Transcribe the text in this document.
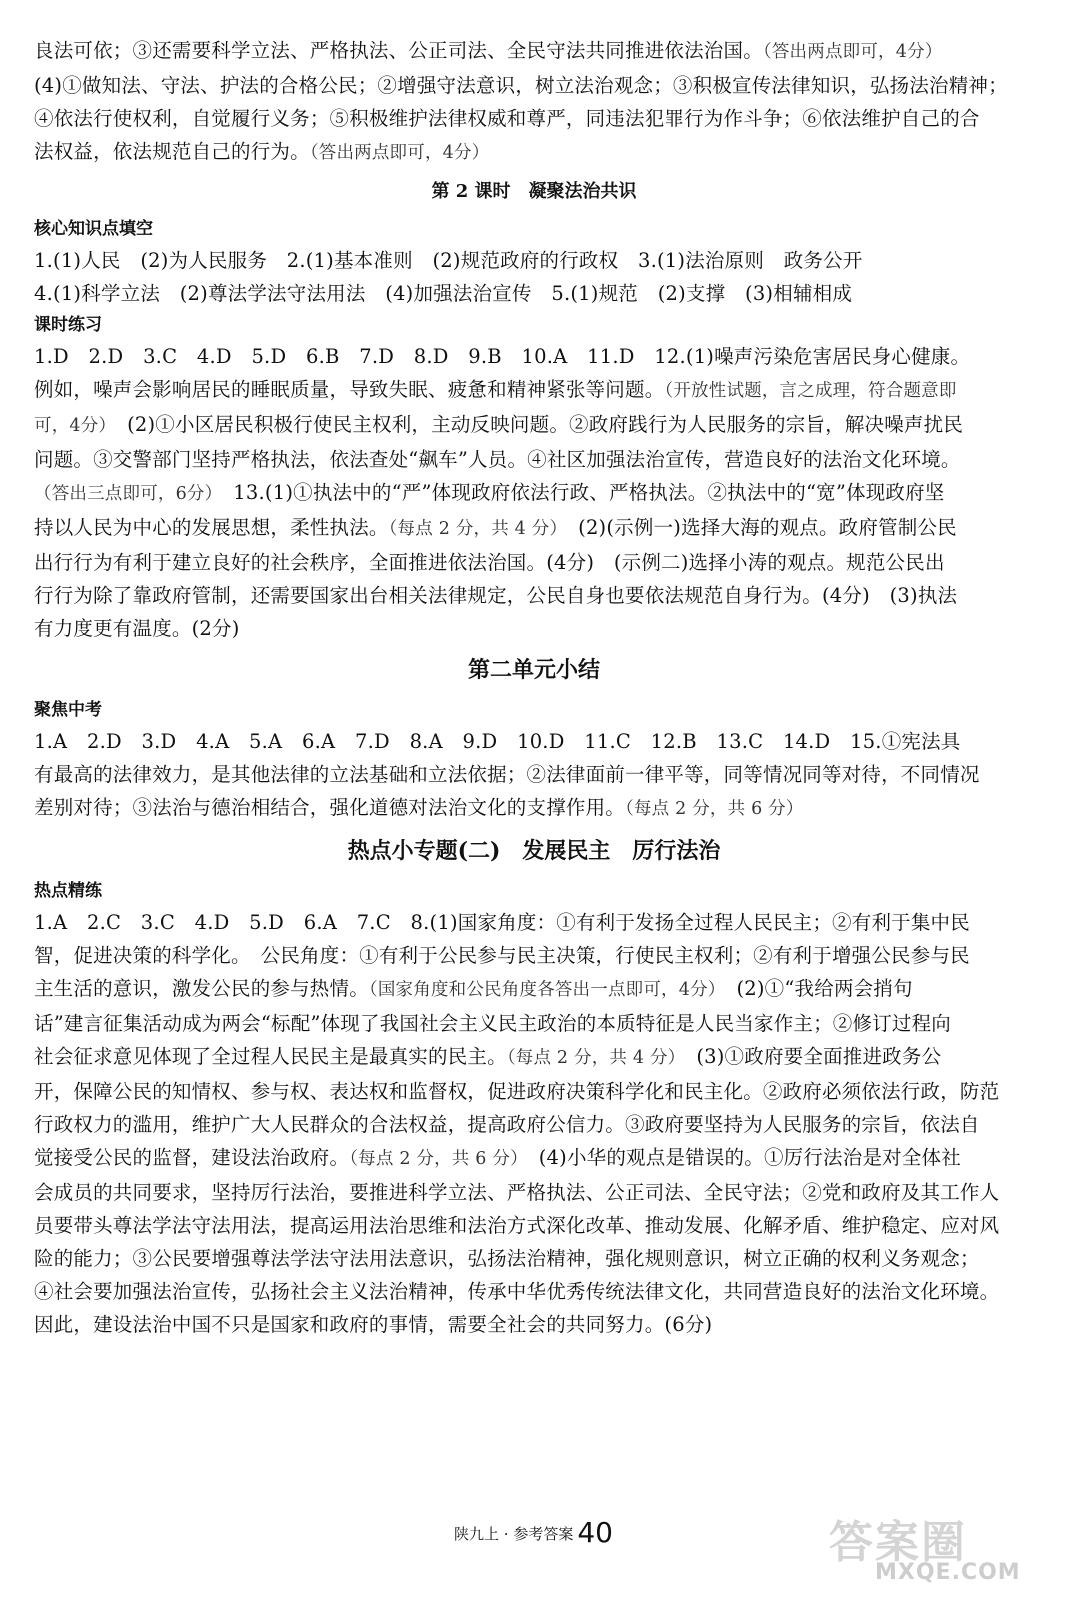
良法可依；③还需要科学立法、严格执法、公正司法、全民守法共同推进依法治国。（答出两点即可，4分）

(4)①做知法、守法、护法的合格公民；②增强守法意识，树立法治观念；③积极宣传法律知识，弘扬法治精神；

④依法行使权利，自觉履行义务；⑤积极维护法律权威和尊严，同违法犯罪行为作斗争；⑥依法维护自己的合

法权益，依法规范自己的行为。（答出两点即可，4分）

第 2 课时　凝聚法治共识

核心知识点填空

1.(1)人民　(2)为人民服务　2.(1)基本准则　(2)规范政府的行政权　3.(1)法治原则　政务公开

4.(1)科学立法　(2)尊法学法守法用法　(4)加强法治宣传　5.(1)规范　(2)支撑　(3)相辅相成

课时练习

1.D　2.D　3.C　4.D　5.D　6.B　7.D　8.D　9.B　10.A　11.D　12.(1)噪声污染危害居民身心健康。

例如，噪声会影响居民的睡眠质量，导致失眠、疲惫和精神紧张等问题。（开放性试题，言之成理，符合题意即

可，4分）　(2)①小区居民积极行使民主权利，主动反映问题。②政府践行为人民服务的宗旨，解决噪声扰民

问题。③交警部门坚持严格执法，依法查处“飙车”人员。④社区加强法治宣传，营造良好的法治文化环境。

（答出三点即可，6分）　13.(1)①执法中的“严”体现政府依法行政、严格执法。②执法中的“宽”体现政府坚

持以人民为中心的发展思想，柔性执法。（每点 2 分，共 4 分）　(2)(示例一)选择大海的观点。政府管制公民

出行行为有利于建立良好的社会秩序，全面推进依法治国。(4分)　(示例二)选择小涛的观点。规范公民出

行行为除了靠政府管制，还需要国家出台相关法律规定，公民自身也要依法规范自身行为。(4分)　(3)执法

有力度更有温度。(2分)

第二单元小结

聚焦中考

1.A　2.D　3.D　4.A　5.A　6.A　7.D　8.A　9.D　10.D　11.C　12.B　13.C　14.D　15.①宪法具

有最高的法律效力，是其他法律的立法基础和立法依据；②法律面前一律平等，同等情况同等对待，不同情况

差别对待；③法治与德治相结合，强化道德对法治文化的支撑作用。（每点 2 分，共 6 分）

热点小专题(二)　发展民主　厉行法治

热点精练

1.A　2.C　3.C　4.D　5.D　6.A　7.C　8.(1)国家角度：①有利于发扬全过程人民民主；②有利于集中民

智，促进决策的科学化。　公民角度：①有利于公民参与民主决策，行使民主权利；②有利于增强公民参与民

主生活的意识，激发公民的参与热情。（国家角度和公民角度各答出一点即可，4分）　(2)①“我给两会捎句

话”建言征集活动成为两会“标配”体现了我国社会主义民主政治的本质特征是人民当家作主；②修订过程向

社会征求意见体现了全过程人民民主是最真实的民主。（每点 2 分，共 4 分）　(3)①政府要全面推进政务公

开，保障公民的知情权、参与权、表达权和监督权，促进政府决策科学化和民主化。②政府必须依法行政，防范

行政权力的滥用，维护广大人民群众的合法权益，提高政府公信力。③政府要坚持为人民服务的宗旨，依法自

觉接受公民的监督，建设法治政府。（每点 2 分，共 6 分）　(4)小华的观点是错误的。①厉行法治是对全体社

会成员的共同要求，坚持厉行法治，要推进科学立法、严格执法、公正司法、全民守法；②党和政府及其工作人

员要带头尊法学法守法用法，提高运用法治思维和法治方式深化改革、推动发展、化解矛盾、维护稳定、应对风

险的能力；③公民要增强尊法学法守法用法意识，弘扬法治精神，强化规则意识，树立正确的权利义务观念；

④社会要加强法治宣传，弘扬社会主义法治精神，传承中华优秀传统法律文化，共同营造良好的法治文化环境。

因此，建设法治中国不只是国家和政府的事情，需要全社会的共同努力。(6分)

陕九上 · 参考答案 40	答案圈
MXQE.COM
